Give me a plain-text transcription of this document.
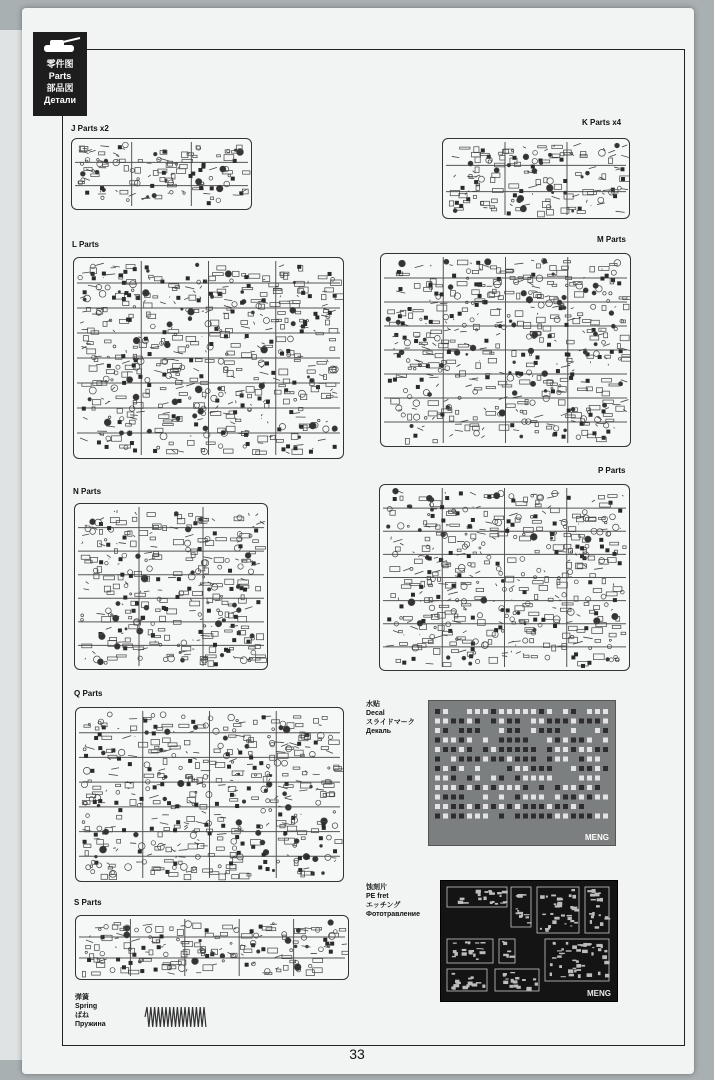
零件图
Parts
部品図
Детали
J Parts x2
K Parts x4
L Parts
M Parts
N Parts
P Parts
Q Parts
S Parts
水贴
Decal
スライドマーク
Декаль
MENG
蚀刻片
PE fret
エッチング
Фототравление
MENG
弹簧
Spring
ばね
Пружина
33
